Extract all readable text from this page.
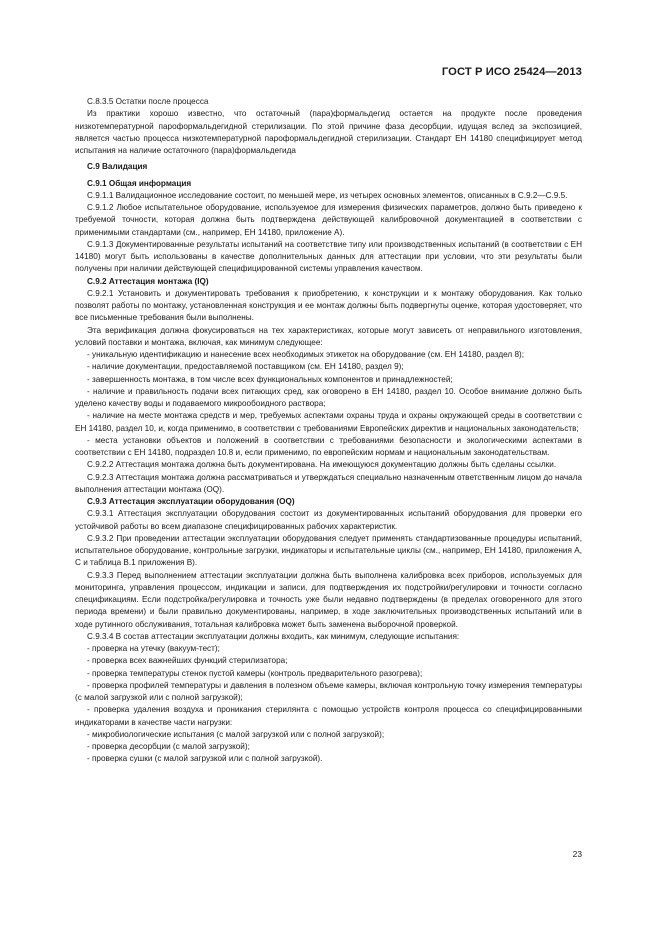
ГОСТ Р ИСО 25424—2013

C.8.3.5 Остатки после процесса

Из практики хорошо известно, что остаточный (пара)формальдегид остается на продукте после проведения низкотемпературной пароформальдегидной стерилизации. По этой причине фаза десорбции, идущая вслед за экспозицией, является частью процесса низкотемпературной пароформальдегидной стерилизации. Стандарт ЕН 14180 специфицирует метод испытания на наличие остаточного (пара)формальдегида

C.9 Валидация

C.9.1 Общая информация

C.9.1.1 Валидационное исследование состоит, по меньшей мере, из четырех основных элементов, описанных в С.9.2—С.9.5.

C.9.1.2 Любое испытательное оборудование, используемое для измерения физических параметров, должно быть приведено к требуемой точности, которая должна быть подтверждена действующей калибровочной документацией в соответствии с применимыми стандартами (см., например, ЕН 14180, приложение А).

C.9.1.3 Документированные результаты испытаний на соответствие типу или производственных испытаний (в соответствии с ЕН 14180) могут быть использованы в качестве дополнительных данных для аттестации при условии, что эти результаты были получены при наличии действующей специфицированной системы управления качеством.

C.9.2 Аттестация монтажа (IQ)

C.9.2.1 Установить и документировать требования к приобретению, к конструкции и к монтажу оборудования. Как только позволят работы по монтажу, установленная конструкция и ее монтаж должны быть подвергнуты оценке, которая удостоверяет, что все письменные требования были выполнены.

Эта верификация должна фокусироваться на тех характеристиках, которые могут зависеть от неправильного изготовления, условий поставки и монтажа, включая, как минимум следующее:

- уникальную идентификацию и нанесение всех необходимых этикеток на оборудование (см. ЕН 14180, раздел 8);

- наличие документации, предоставляемой поставщиком (см. ЕН 14180, раздел 9);

- завершенность монтажа, в том числе всех функциональных компонентов и принадлежностей;

- наличие и правильность подачи всех питающих сред, как оговорено в ЕН 14180, раздел 10. Особое внимание должно быть уделено качеству воды и подаваемого микрообоидного раствора;

- наличие на месте монтажа средств и мер, требуемых аспектами охраны труда и охраны окружающей среды в соответствии с ЕН 14180, раздел 10, и, когда применимо, в соответствии с требованиями Европейских директив и национальных законодательств;

- места установки объектов и положений в соответствии с требованиями безопасности и экологическими аспектами в соответствии с ЕН 14180, подраздел 10.8 и, если применимо, по европейским нормам и национальным законодательствам.

C.9.2.2 Аттестация монтажа должна быть документирована. На имеющуюся документацию должны быть сделаны ссылки.

C.9.2.3 Аттестация монтажа должна рассматриваться и утверждаться специально назначенным ответственным лицом до начала выполнения аттестации монтажа (OQ).

C.9.3 Аттестация эксплуатации оборудования (OQ)

C.9.3.1 Аттестация эксплуатации оборудования состоит из документированных испытаний оборудования для проверки его устойчивой работы во всем диапазоне специфицированных рабочих характеристик.

C.9.3.2 При проведении аттестации эксплуатации оборудования следует применять стандартизованные процедуры испытаний, испытательное оборудование, контрольные загрузки, индикаторы и испытательные циклы (см., например, ЕН 14180, приложения А, С и таблица В.1 приложения В).

C.9.3.3 Перед выполнением аттестации эксплуатации должна быть выполнена калибровка всех приборов, используемых для мониторинга, управления процессом, индикации и записи, для подтверждения их подстройки/регулировки и точности согласно спецификациям. Если подстройка/регулировка и точность уже были недавно подтверждены (в пределах оговоренного для этого периода времени) и были правильно документированы, например, в ходе заключительных производственных испытаний или в ходе рутинного обслуживания, тотальная калибровка может быть заменена выборочной проверкой.

C.9.3.4 В состав аттестации эксплуатации должны входить, как минимум, следующие испытания:

- проверка на утечку (вакуум-тест);

- проверка всех важнейших функций стерилизатора;

- проверка температуры стенок пустой камеры (контроль предварительного разогрева);

- проверка профилей температуры и давления в полезном объеме камеры, включая контрольную точку измерения температуры (с малой загрузкой или с полной загрузкой);

- проверка удаления воздуха и проникания стерилянта с помощью устройств контроля процесса со специфицированными индикаторами в качестве части нагрузки:

- микробиологические испытания (с малой загрузкой или с полной загрузкой);

- проверка десорбции (с малой загрузкой);

- проверка сушки (с малой загрузкой или с полной загрузкой).

23
